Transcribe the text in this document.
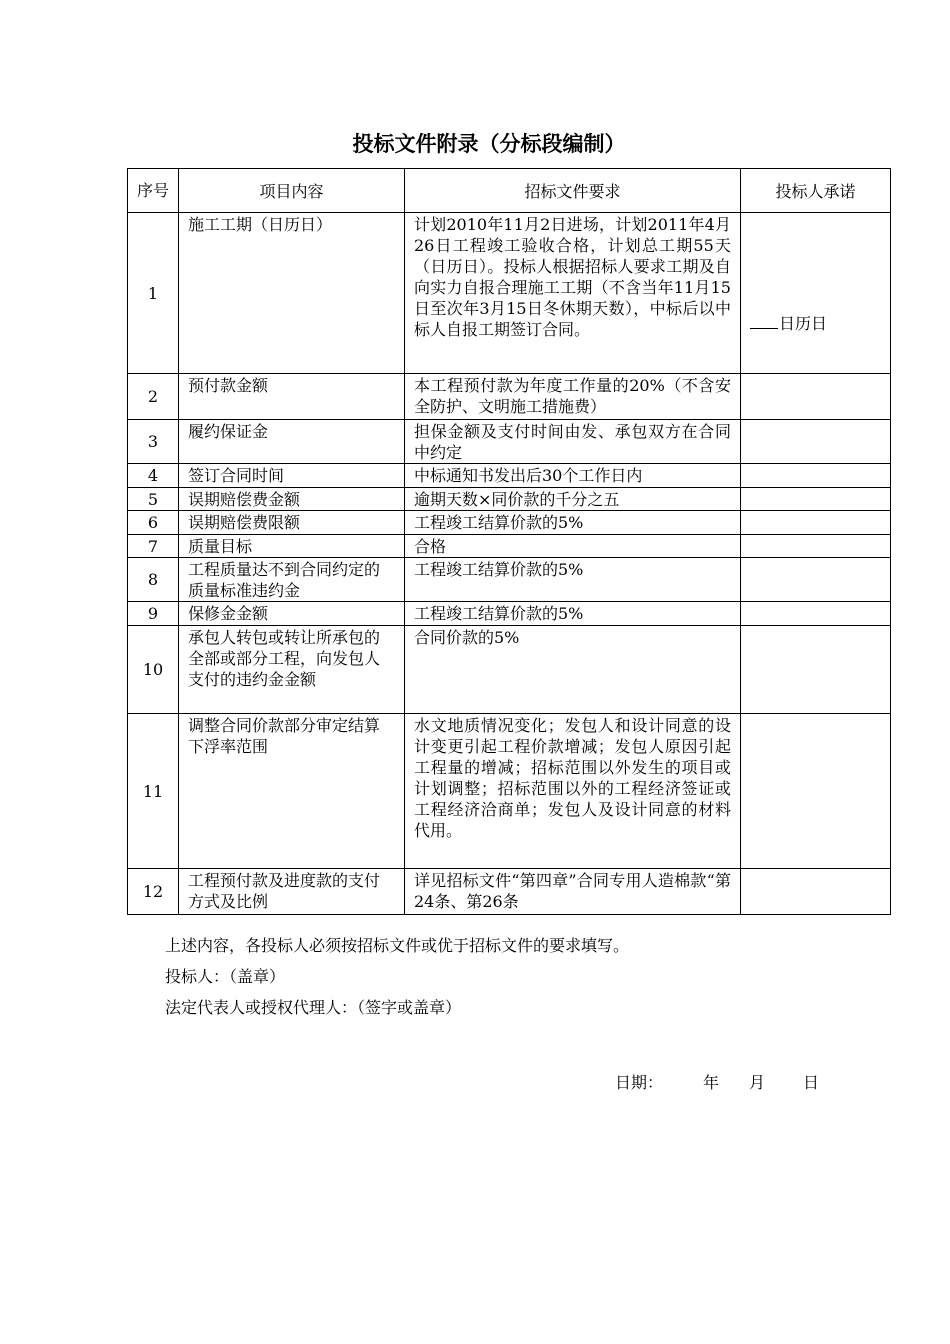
投标文件附录（分标段编制）
序号	项目内容	招标文件要求	投标人承诺
1	施工工期（日历日）	计划2010年11月2日进场，计划2011年4月26日工程竣工验收合格，计划总工期55天（日历日）。投标人根据招标人要求工期及自向实力自报合理施工工期（不含当年11月15日至次年3月15日冬休期天数），中标后以中标人自报工期签订合同。	日历日
2	预付款金额	本工程预付款为年度工作量的20%（不含安全防护、文明施工措施费）	
3	履约保证金	担保金额及支付时间由发、承包双方在合同中约定	
4	签订合同时间	中标通知书发出后30个工作日内	
5	误期赔偿费金额	逾期天数×同价款的千分之五	
6	误期赔偿费限额	工程竣工结算价款的5%	
7	质量目标	合格	
8	工程质量达不到合同约定的质量标准违约金	工程竣工结算价款的5%	
9	保修金金额	工程竣工结算价款的5%	
10	承包人转包或转让所承包的全部或部分工程，向发包人支付的违约金金额	合同价款的5%	
11	调整合同价款部分审定结算下浮率范围	水文地质情况变化；发包人和设计同意的设计变更引起工程价款增减；发包人原因引起工程量的增减；招标范围以外发生的项目或计划调整；招标范围以外的工程经济签证或工程经济洽商单；发包人及设计同意的材料代用。	
12	工程预付款及进度款的支付方式及比例	详见招标文件“第四章”合同专用人造棉款“第24条、第26条	

上述内容，各投标人必须按招标文件或优于招标文件的要求填写。

投标人：（盖章）

法定代表人或授权代理人：（签字或盖章）

日期：	年 月 日
